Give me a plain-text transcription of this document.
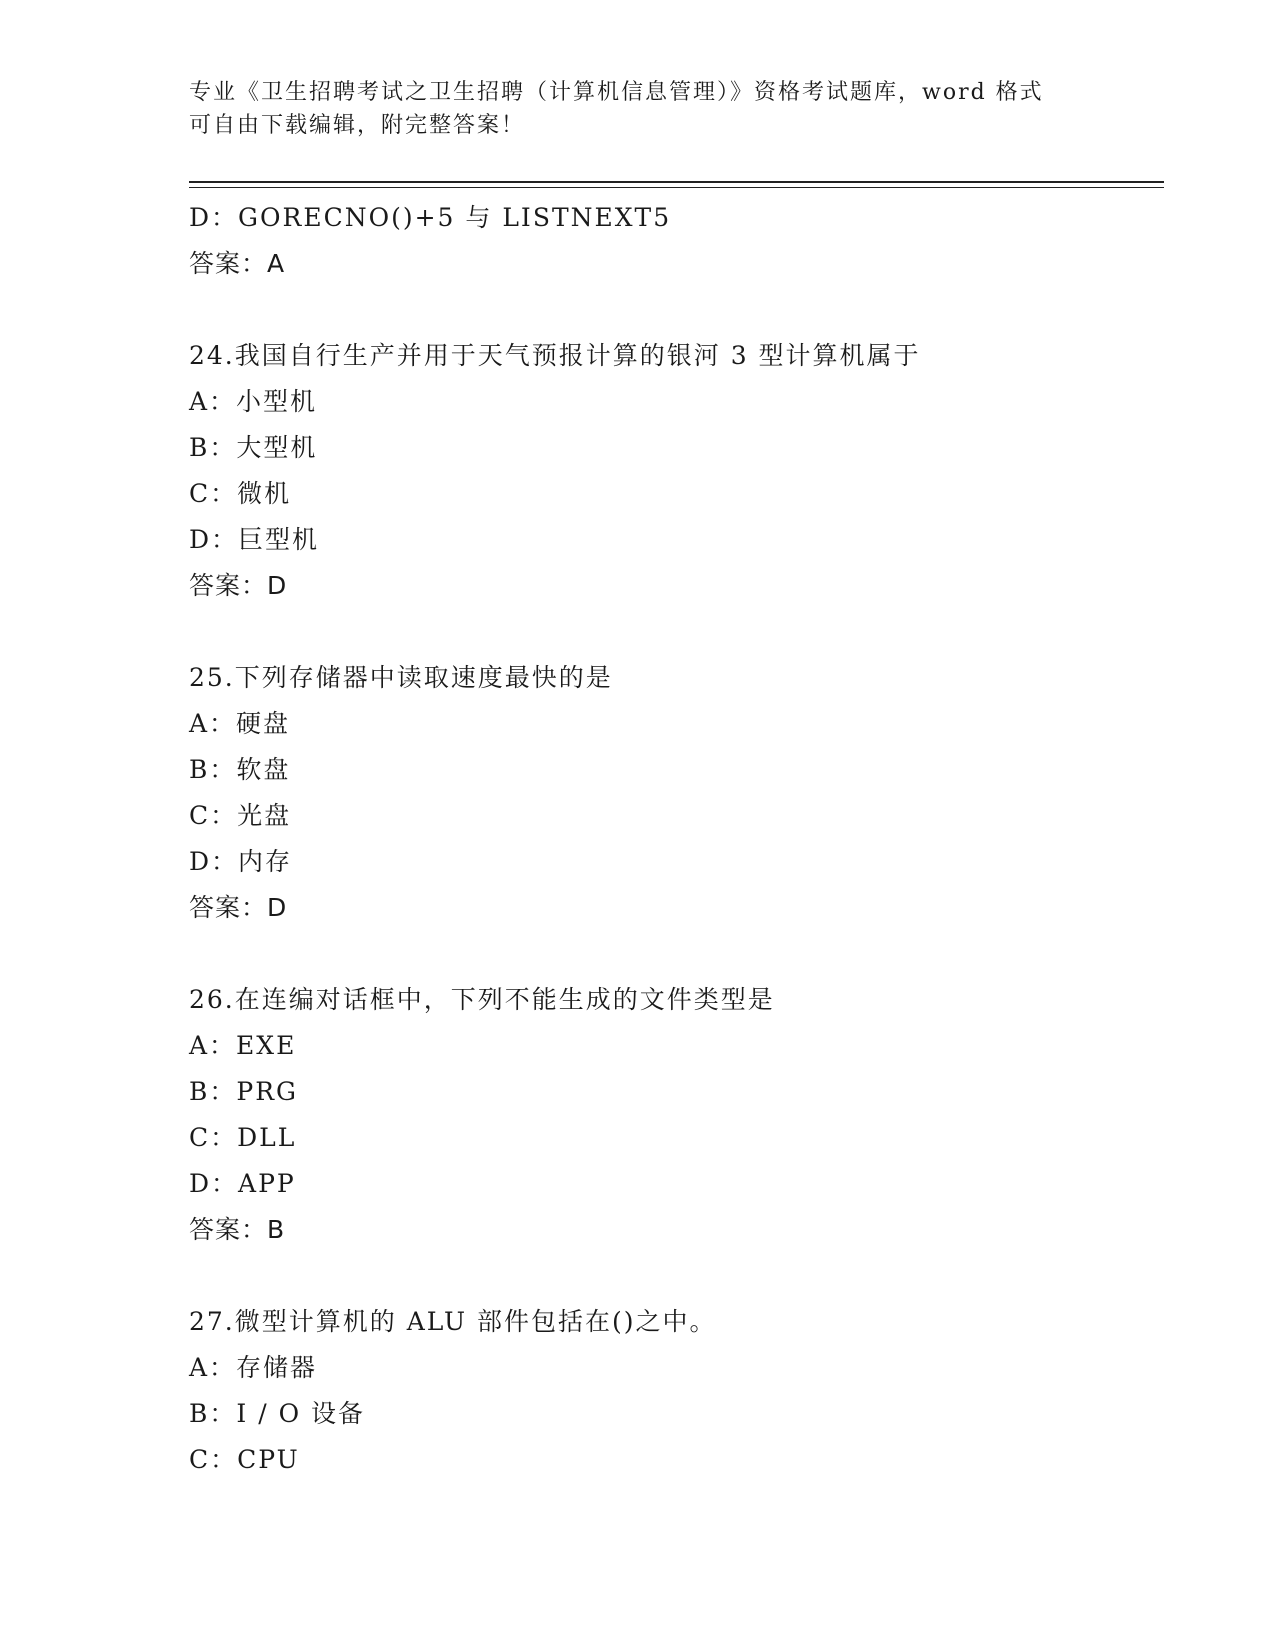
专业《卫生招聘考试之卫生招聘（计算机信息管理）》资格考试题库，word 格式

可自由下载编辑，附完整答案！

D：GORECNO()+5 与 LISTNEXT5
答案：A
24.我国自行生产并用于天气预报计算的银河 3 型计算机属于
A：小型机
B：大型机
C：微机
D：巨型机
答案：D
25.下列存储器中读取速度最快的是
A：硬盘
B：软盘
C：光盘
D：内存
答案：D
26.在连编对话框中，下列不能生成的文件类型是
A：EXE
B：PRG
C：DLL
D：APP
答案：B
27.微型计算机的 ALU 部件包括在()之中。
A：存储器
B：I / O 设备
C：CPU
